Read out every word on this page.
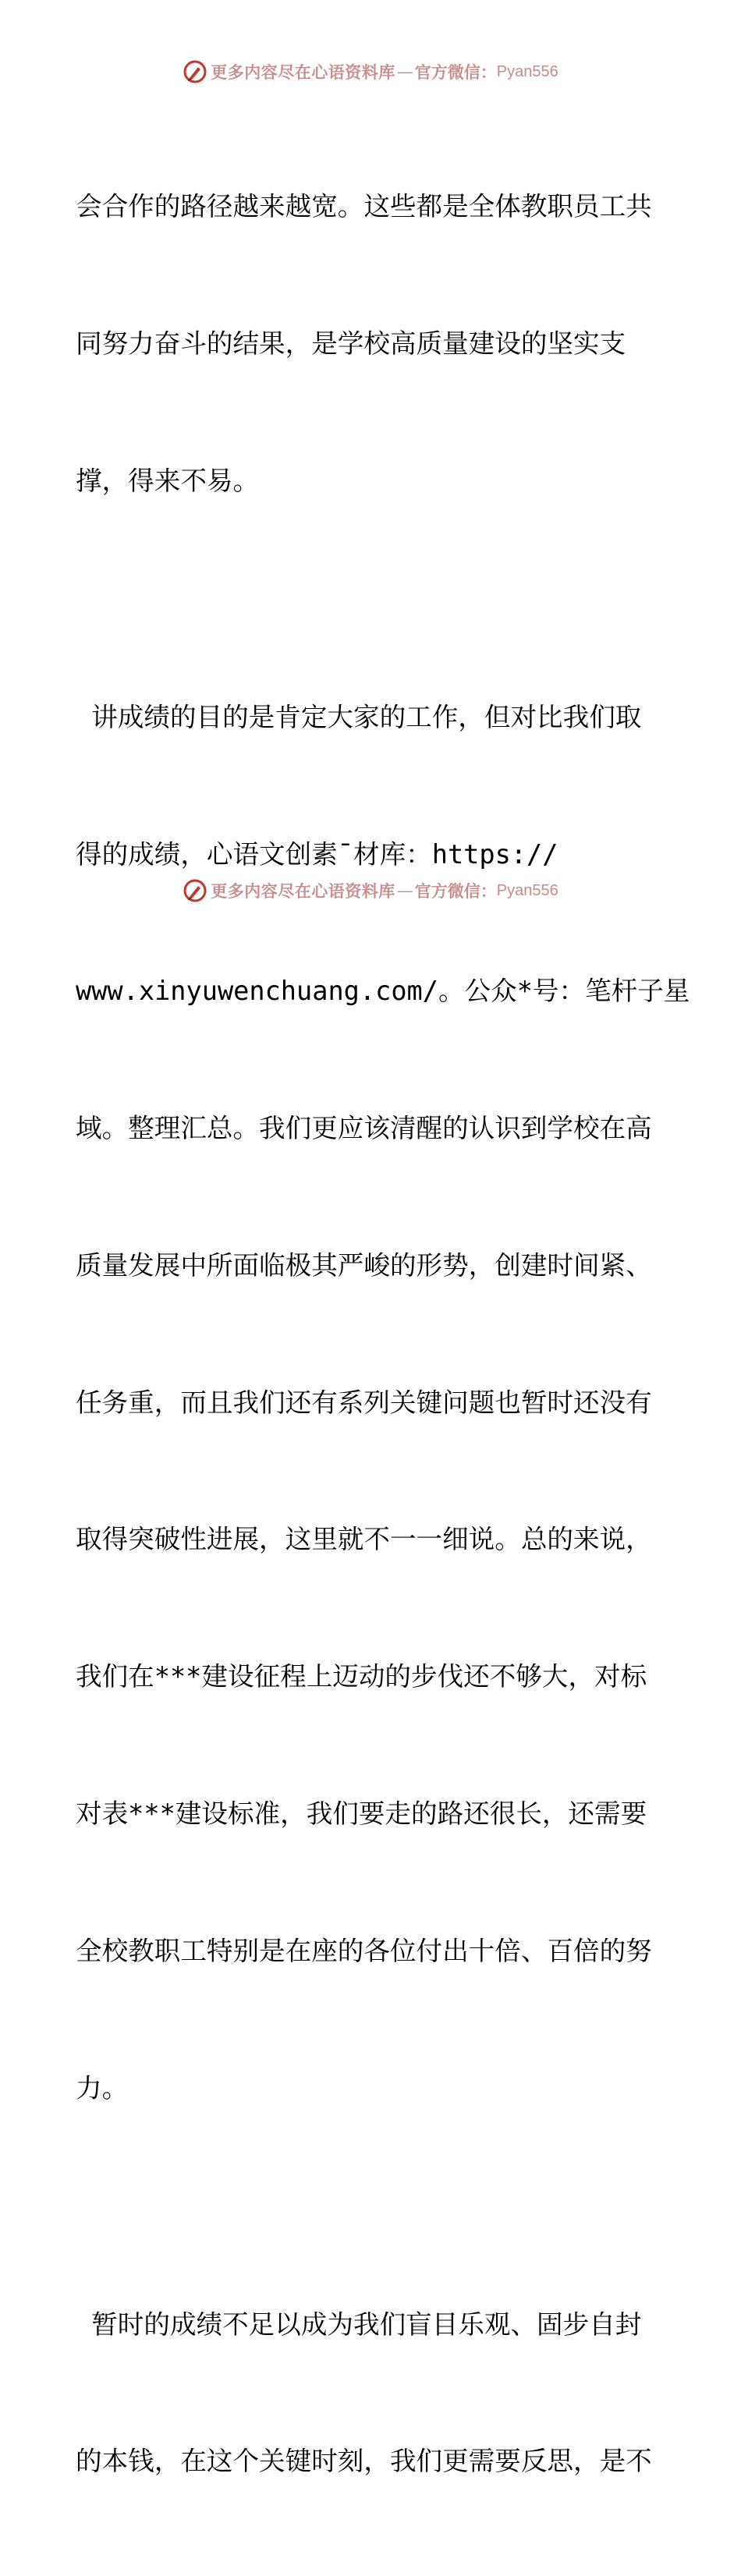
更多内容尽在心语资料库 — 官方微信： Pyan556

会合作的路径越来越宽。这些都是全体教职员工共

同努力奋斗的结果，是学校高质量建设的坚实支

撑，得来不易。

讲成绩的目的是肯定大家的工作，但对比我们取

得的成绩，心语文创素¯材库：https://

www.xinyuwenchuang.com/。公众*号：笔杆子星

域。整理汇总。我们更应该清醒的认识到学校在高

质量发展中所面临极其严峻的形势，创建时间紧、

任务重，而且我们还有系列关键问题也暂时还没有

取得突破性进展，这里就不一一细说。总的来说，

我们在***建设征程上迈动的步伐还不够大，对标

对表***建设标准，我们要走的路还很长，还需要

全校教职工特别是在座的各位付出十倍、百倍的努

力。

暂时的成绩不足以成为我们盲目乐观、固步自封

的本钱，在这个关键时刻，我们更需要反思，是不

更多内容尽在心语资料库 — 官方微信： Pyan556
